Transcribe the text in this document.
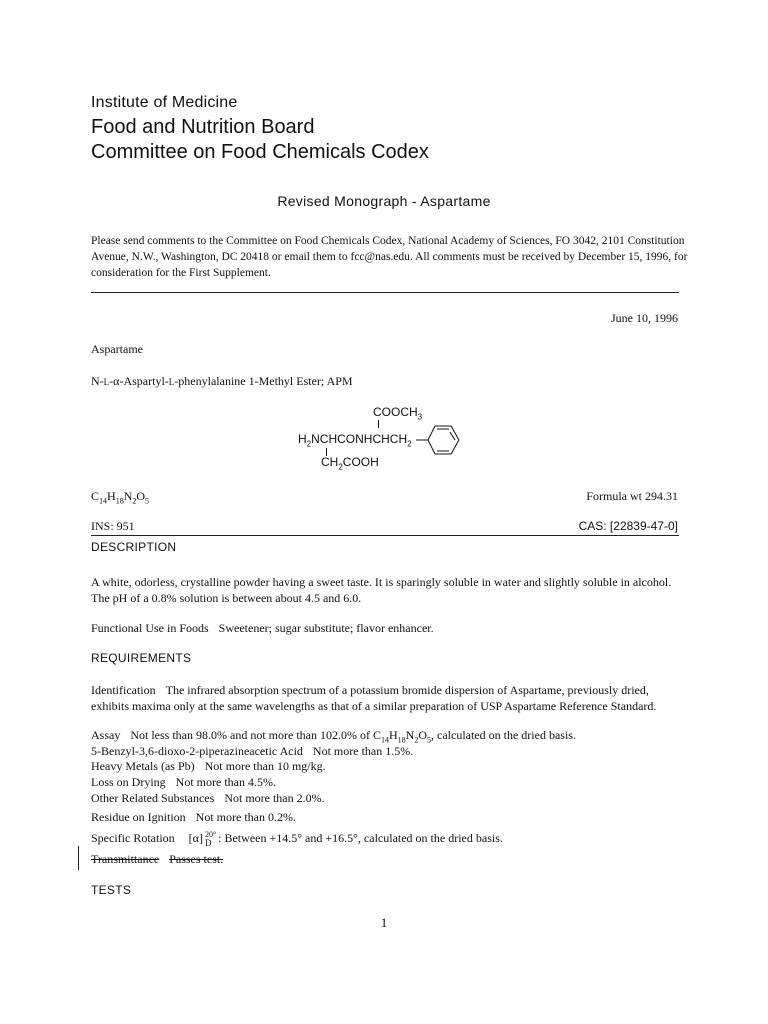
Institute of Medicine
Food and Nutrition Board
Committee on Food Chemicals Codex
Revised Monograph - Aspartame
Please send comments to the Committee on Food Chemicals Codex, National Academy of Sciences, FO 3042, 2101 Constitution Avenue, N.W., Washington, DC 20418 or email them to fcc@nas.edu. All comments must be received by December 15, 1996, for consideration for the First Supplement.
June 10, 1996
Aspartame
N-L-α-Aspartyl-L-phenylalanine 1-Methyl Ester; APM
$COOCH_3$
$H_2NCHCONHCHCH_2$
$CH_2COOH$
$C_{14}H_{18}N_2O_5$	Formula wt 294.31
INS: 951	CAS: [22839-47-0]
DESCRIPTION
A white, odorless, crystalline powder having a sweet taste. It is sparingly soluble in water and slightly soluble in alcohol. The pH of a 0.8% solution is between about 4.5 and 6.0.
Functional Use in Foods Sweetener; sugar substitute; flavor enhancer.
REQUIREMENTS
Identification The infrared absorption spectrum of a potassium bromide dispersion of Aspartame, previously dried, exhibits maxima only at the same wavelengths as that of a similar preparation of USP Aspartame Reference Standard.
Assay Not less than 98.0% and not more than 102.0% of $C_{14}H_{18}N_2O_5$, calculated on the dried basis.
5-Benzyl-3,6-dioxo-2-piperazineacetic Acid Not more than 1.5%.
Heavy Metals (as Pb) Not more than 10 mg/kg.
Loss on Drying Not more than 4.5%.
Other Related Substances Not more than 2.0%.
Residue on Ignition Not more than 0.2%.
Specific Rotation [α] 20°
D : Between +14.5° and +16.5°, calculated on the dried basis.
Transmittance Passes test.
TESTS
1
